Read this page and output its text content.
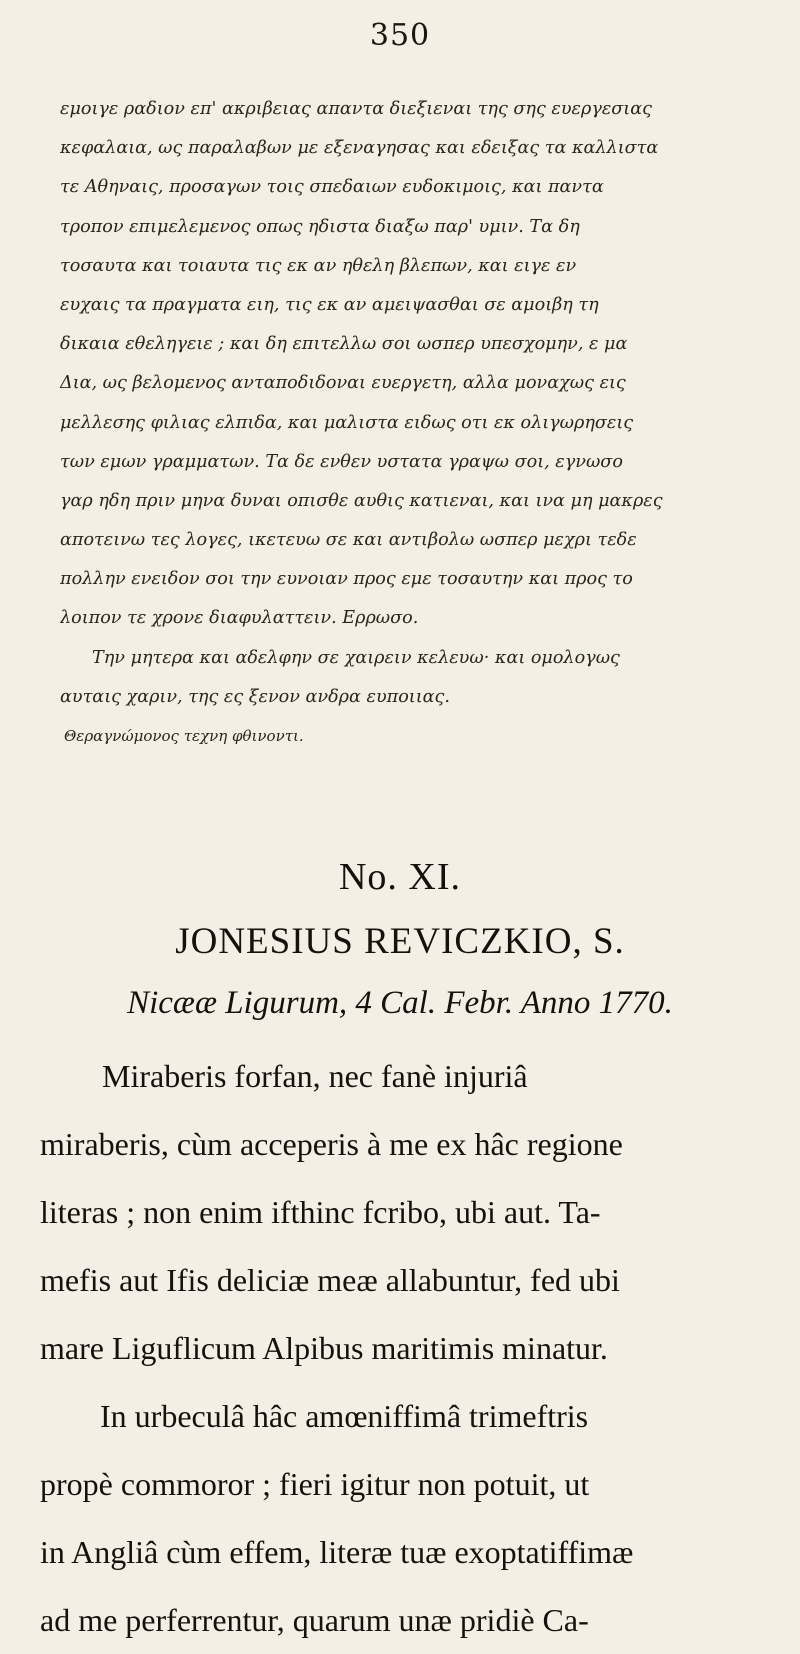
350
εμοιγε ραδιον επ' ακριβειας απαντα διεξιεναι της σης ευεργεσιας
κεφαλαια, ως παραλαβων με εξεναγησας και εδειξας τα καλλιστα
τε Αθηναις, προσαγων τοις σπεδαιων ευδοκιμοις, και παντα
τροπον επιμελεμενος οπως ηδιστα διαξω παρ' υμιν. Τα δη
τοσαυτα και τοιαυτα τις εκ αν ηθελη βλεπων, και ειγε εν
ευχαις τα πραγματα ειη, τις εκ αν αμειψασθαι σε αμοιβη τη
δικαια εθεληγειε ; και δη επιτελλω σοι ωσπερ υπεσχομην, ε μα
Δια, ως βελομενος ανταποδιδοναι ευεργετη, αλλα μοναχως εις
μελλεσης φιλιας ελπιδα, και μαλιστα ειδως οτι εκ ολιγωρησεις
των εμων γραμματων. Τα δε ενθεν υστατα γραψω σοι, εγνωσο
γαρ ηδη πριν μηνα δυναι οπισθε αυθις κατιεναι, και ινα μη μακρες
αποτεινω τες λογες, ικετευω σε και αντιβολω ωσπερ μεχρι τεδε
πολλην ενειδον σοι την ευνοιαν προς εμε τοσαυτην και προς το
λοιπον τε χρονε διαφυλαττειν. Ερρωσο.
Την μητερα και αδελφην σε χαιρειν κελευω· και ομολογως
αυταις χαριν, της ες ξενον ανδρα ευποιιας.
Θεραγνώμονος τεχνη φθινοντι.
No. XI.
JONESIUS REVICZKIO, S.
Nicææ Ligurum, 4 Cal. Febr. Anno 1770.
Miraberis forfan, nec fanè injuriâ
miraberis, cùm acceperis à me ex hâc regione
literas ; non enim ifthinc fcribo, ubi aut. Ta-
mefis aut Ifis deliciæ meæ allabuntur, fed ubi
mare Liguflicum Alpibus maritimis minatur.
In urbeculâ hâc amœniffimâ trimeftris
propè commoror ; fieri igitur non potuit, ut
in Angliâ cùm effem, literæ tuæ exoptatiffimæ
ad me perferrentur, quarum unæ pridiè Ca-
